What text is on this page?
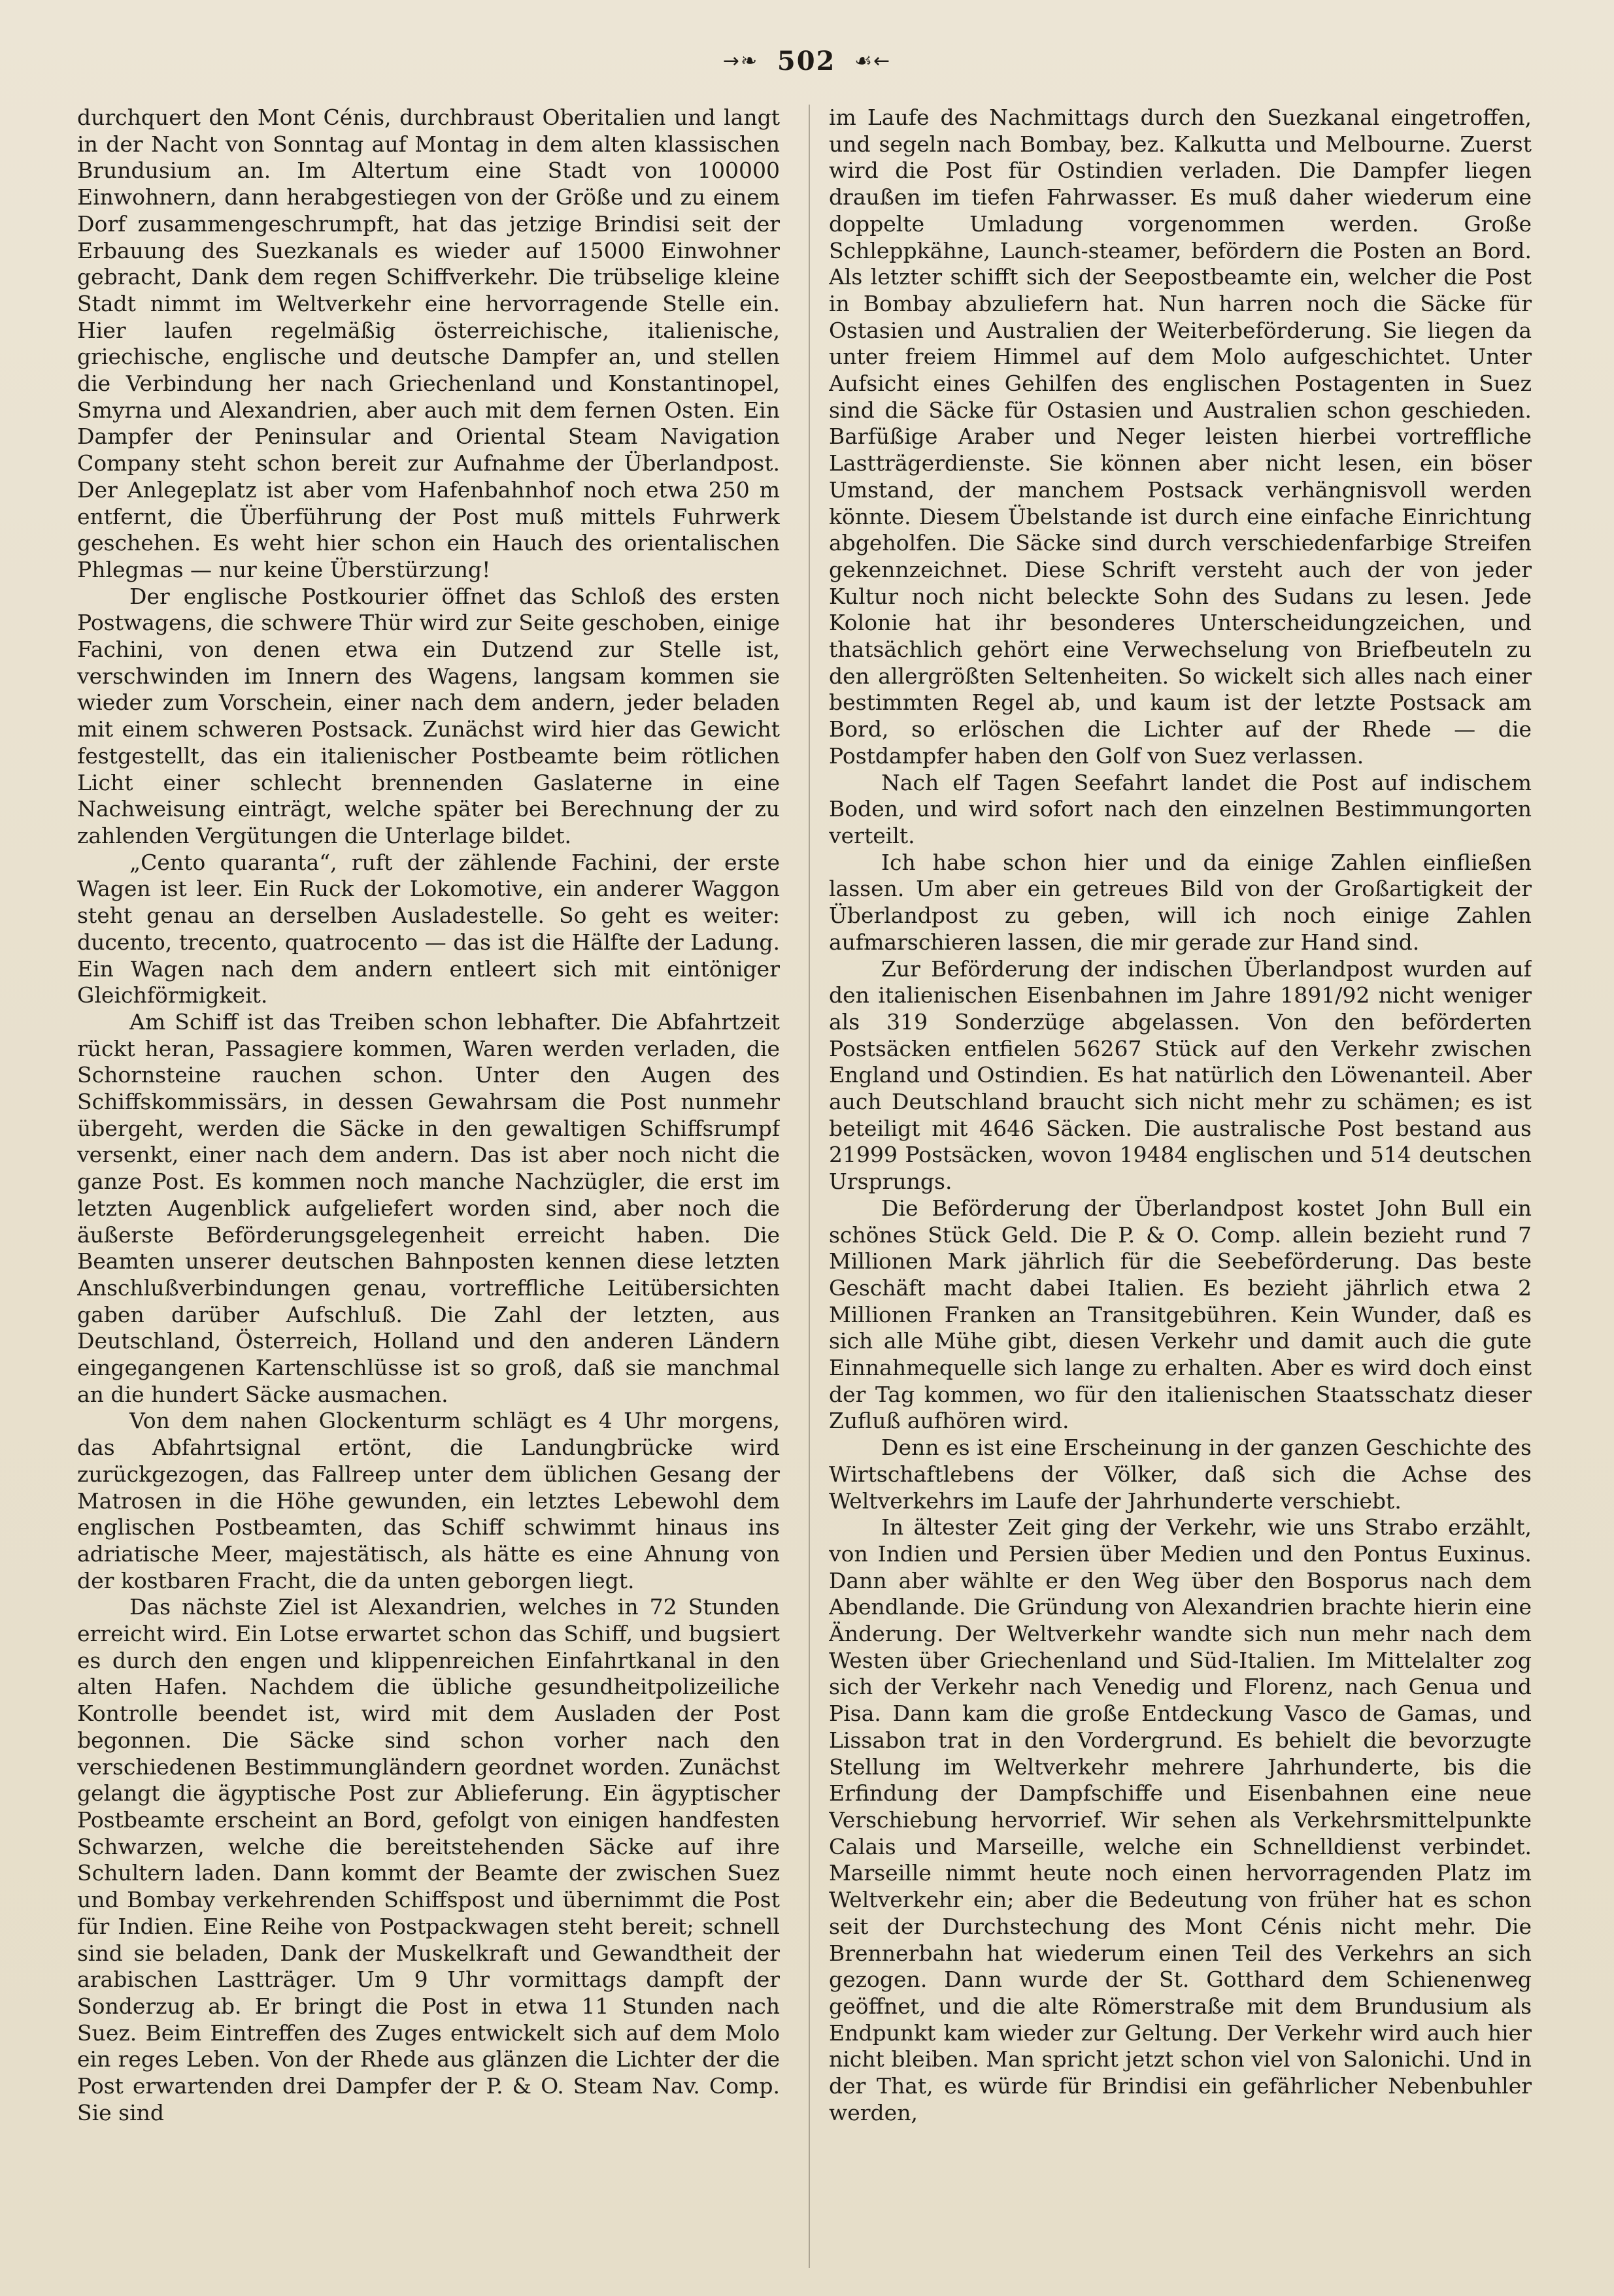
→❧ 502 ☙←

durchquert den Mont Cénis, durchbraust Oberitalien und langt in der Nacht von Sonntag auf Montag in dem alten klassischen Brundusium an. Im Altertum eine Stadt von 100000 Einwohnern, dann herabgestiegen von der Größe und zu einem Dorf zusammengeschrumpft, hat das jetzige Brindisi seit der Erbauung des Suezkanals es wieder auf 15000 Einwohner gebracht, Dank dem regen Schiffverkehr. Die trübselige kleine Stadt nimmt im Weltverkehr eine hervorragende Stelle ein. Hier laufen regelmäßig österreichische, italienische, griechische, englische und deutsche Dampfer an, und stellen die Verbindung her nach Griechenland und Konstantinopel, Smyrna und Alexandrien, aber auch mit dem fernen Osten. Ein Dampfer der Peninsular and Oriental Steam Navigation Company steht schon bereit zur Aufnahme der Überlandpost. Der Anlegeplatz ist aber vom Hafenbahnhof noch etwa 250 m entfernt, die Überführung der Post muß mittels Fuhrwerk geschehen. Es weht hier schon ein Hauch des orientalischen Phlegmas — nur keine Überstürzung!

Der englische Postkourier öffnet das Schloß des ersten Postwagens, die schwere Thür wird zur Seite geschoben, einige Fachini, von denen etwa ein Dutzend zur Stelle ist, verschwinden im Innern des Wagens, langsam kommen sie wieder zum Vorschein, einer nach dem andern, jeder beladen mit einem schweren Postsack. Zunächst wird hier das Gewicht festgestellt, das ein italienischer Postbeamte beim rötlichen Licht einer schlecht brennenden Gaslaterne in eine Nachweisung einträgt, welche später bei Berechnung der zu zahlenden Vergütungen die Unterlage bildet.

„Cento quaranta“, ruft der zählende Fachini, der erste Wagen ist leer. Ein Ruck der Lokomotive, ein anderer Waggon steht genau an derselben Ausladestelle. So geht es weiter: ducento, trecento, quatrocento — das ist die Hälfte der Ladung. Ein Wagen nach dem andern entleert sich mit eintöniger Gleichförmigkeit.

Am Schiff ist das Treiben schon lebhafter. Die Abfahrtzeit rückt heran, Passagiere kommen, Waren werden verladen, die Schornsteine rauchen schon. Unter den Augen des Schiffskommissärs, in dessen Gewahrsam die Post nunmehr übergeht, werden die Säcke in den gewaltigen Schiffsrumpf versenkt, einer nach dem andern. Das ist aber noch nicht die ganze Post. Es kommen noch manche Nachzügler, die erst im letzten Augenblick aufgeliefert worden sind, aber noch die äußerste Beförderungsgelegenheit erreicht haben. Die Beamten unserer deutschen Bahnposten kennen diese letzten Anschlußverbindungen genau, vortreffliche Leitübersichten gaben darüber Aufschluß. Die Zahl der letzten, aus Deutschland, Österreich, Holland und den anderen Ländern eingegangenen Kartenschlüsse ist so groß, daß sie manchmal an die hundert Säcke ausmachen.

Von dem nahen Glockenturm schlägt es 4 Uhr morgens, das Abfahrtsignal ertönt, die Landungbrücke wird zurückgezogen, das Fallreep unter dem üblichen Gesang der Matrosen in die Höhe gewunden, ein letztes Lebewohl dem englischen Postbeamten, das Schiff schwimmt hinaus ins adriatische Meer, majestätisch, als hätte es eine Ahnung von der kostbaren Fracht, die da unten geborgen liegt.

Das nächste Ziel ist Alexandrien, welches in 72 Stunden erreicht wird. Ein Lotse erwartet schon das Schiff, und bugsiert es durch den engen und klippenreichen Einfahrtkanal in den alten Hafen. Nachdem die übliche gesundheitpolizeiliche Kontrolle beendet ist, wird mit dem Ausladen der Post begonnen. Die Säcke sind schon vorher nach den verschiedenen Bestimmungländern geordnet worden. Zunächst gelangt die ägyptische Post zur Ablieferung. Ein ägyptischer Postbeamte erscheint an Bord, gefolgt von einigen handfesten Schwarzen, welche die bereitstehenden Säcke auf ihre Schultern laden. Dann kommt der Beamte der zwischen Suez und Bombay verkehrenden Schiffspost und übernimmt die Post für Indien. Eine Reihe von Postpackwagen steht bereit; schnell sind sie beladen, Dank der Muskelkraft und Gewandtheit der arabischen Lastträger. Um 9 Uhr vormittags dampft der Sonderzug ab. Er bringt die Post in etwa 11 Stunden nach Suez. Beim Eintreffen des Zuges entwickelt sich auf dem Molo ein reges Leben. Von der Rhede aus glänzen die Lichter der die Post erwartenden drei Dampfer der P. & O. Steam Nav. Comp. Sie sind

im Laufe des Nachmittags durch den Suezkanal eingetroffen, und segeln nach Bombay, bez. Kalkutta und Melbourne. Zuerst wird die Post für Ostindien verladen. Die Dampfer liegen draußen im tiefen Fahrwasser. Es muß daher wiederum eine doppelte Umladung vorgenommen werden. Große Schleppkähne, Launch-steamer, befördern die Posten an Bord. Als letzter schifft sich der Seepostbeamte ein, welcher die Post in Bombay abzuliefern hat. Nun harren noch die Säcke für Ostasien und Australien der Weiterbeförderung. Sie liegen da unter freiem Himmel auf dem Molo aufgeschichtet. Unter Aufsicht eines Gehilfen des englischen Postagenten in Suez sind die Säcke für Ostasien und Australien schon geschieden. Barfüßige Araber und Neger leisten hierbei vortreffliche Lastträgerdienste. Sie können aber nicht lesen, ein böser Umstand, der manchem Postsack verhängnisvoll werden könnte. Diesem Übelstande ist durch eine einfache Einrichtung abgeholfen. Die Säcke sind durch verschiedenfarbige Streifen gekennzeichnet. Diese Schrift versteht auch der von jeder Kultur noch nicht beleckte Sohn des Sudans zu lesen. Jede Kolonie hat ihr besonderes Unterscheidungzeichen, und thatsächlich gehört eine Verwechselung von Briefbeuteln zu den allergrößten Seltenheiten. So wickelt sich alles nach einer bestimmten Regel ab, und kaum ist der letzte Postsack am Bord, so erlöschen die Lichter auf der Rhede — die Postdampfer haben den Golf von Suez verlassen.

Nach elf Tagen Seefahrt landet die Post auf indischem Boden, und wird sofort nach den einzelnen Bestimmungorten verteilt.

Ich habe schon hier und da einige Zahlen einfließen lassen. Um aber ein getreues Bild von der Großartigkeit der Überlandpost zu geben, will ich noch einige Zahlen aufmarschieren lassen, die mir gerade zur Hand sind.

Zur Beförderung der indischen Überlandpost wurden auf den italienischen Eisenbahnen im Jahre 1891/92 nicht weniger als 319 Sonderzüge abgelassen. Von den beförderten Postsäcken entfielen 56267 Stück auf den Verkehr zwischen England und Ostindien. Es hat natürlich den Löwenanteil. Aber auch Deutschland braucht sich nicht mehr zu schämen; es ist beteiligt mit 4646 Säcken. Die australische Post bestand aus 21999 Postsäcken, wovon 19484 englischen und 514 deutschen Ursprungs.

Die Beförderung der Überlandpost kostet John Bull ein schönes Stück Geld. Die P. & O. Comp. allein bezieht rund 7 Millionen Mark jährlich für die Seebeförderung. Das beste Geschäft macht dabei Italien. Es bezieht jährlich etwa 2 Millionen Franken an Transitgebühren. Kein Wunder, daß es sich alle Mühe gibt, diesen Verkehr und damit auch die gute Einnahmequelle sich lange zu erhalten. Aber es wird doch einst der Tag kommen, wo für den italienischen Staatsschatz dieser Zufluß aufhören wird.

Denn es ist eine Erscheinung in der ganzen Geschichte des Wirtschaftlebens der Völker, daß sich die Achse des Weltverkehrs im Laufe der Jahrhunderte verschiebt.

In ältester Zeit ging der Verkehr, wie uns Strabo erzählt, von Indien und Persien über Medien und den Pontus Euxinus. Dann aber wählte er den Weg über den Bosporus nach dem Abendlande. Die Gründung von Alexandrien brachte hierin eine Änderung. Der Weltverkehr wandte sich nun mehr nach dem Westen über Griechenland und Süd-Italien. Im Mittelalter zog sich der Verkehr nach Venedig und Florenz, nach Genua und Pisa. Dann kam die große Entdeckung Vasco de Gamas, und Lissabon trat in den Vordergrund. Es behielt die bevorzugte Stellung im Weltverkehr mehrere Jahrhunderte, bis die Erfindung der Dampfschiffe und Eisenbahnen eine neue Verschiebung hervorrief. Wir sehen als Verkehrsmittelpunkte Calais und Marseille, welche ein Schnelldienst verbindet. Marseille nimmt heute noch einen hervorragenden Platz im Weltverkehr ein; aber die Bedeutung von früher hat es schon seit der Durchstechung des Mont Cénis nicht mehr. Die Brennerbahn hat wiederum einen Teil des Verkehrs an sich gezogen. Dann wurde der St. Gotthard dem Schienenweg geöffnet, und die alte Römerstraße mit dem Brundusium als Endpunkt kam wieder zur Geltung. Der Verkehr wird auch hier nicht bleiben. Man spricht jetzt schon viel von Salonichi. Und in der That, es würde für Brindisi ein gefährlicher Nebenbuhler werden,
